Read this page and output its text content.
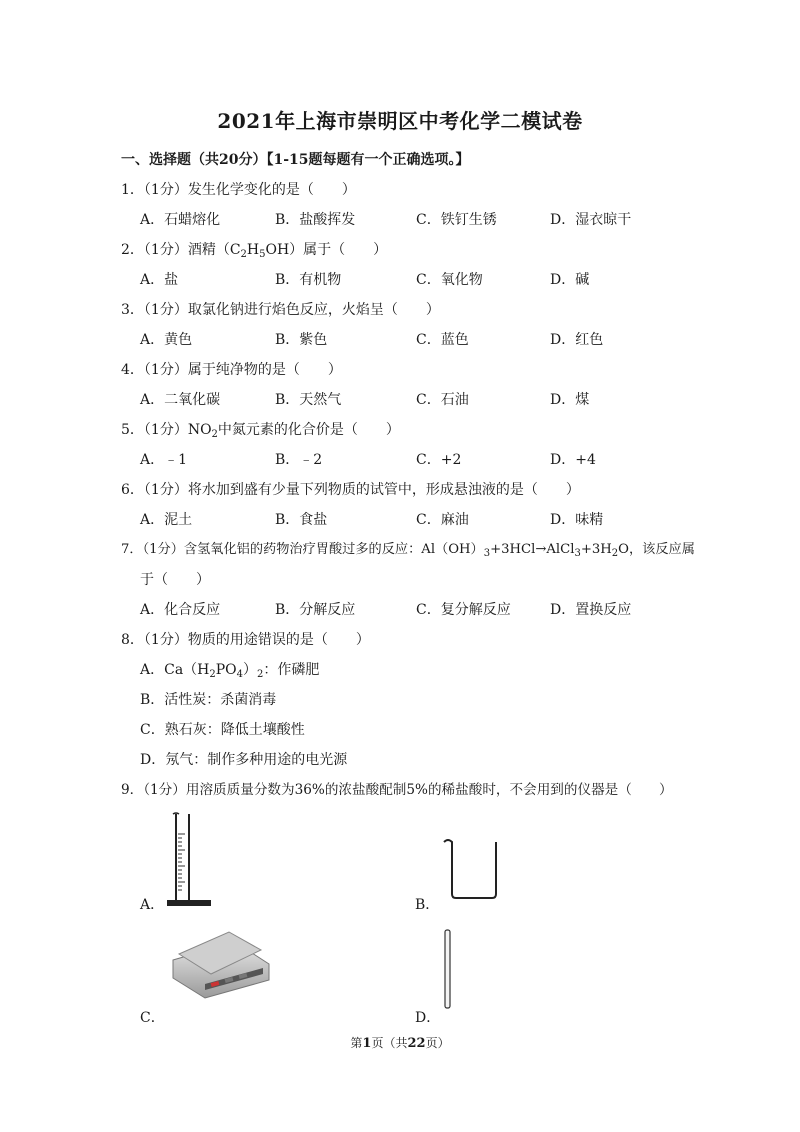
2021年上海市崇明区中考化学二模试卷
一、选择题（共20分）【1-15题每题有一个正确选项。】
1．（1分）发生化学变化的是（　　）
A．石蜡熔化	B．盐酸挥发	C．铁钉生锈	D．湿衣晾干
2．（1分）酒精$(C_2H_5OH)$属于（　　）
A．盐	B．有机物	C．氧化物	D．碱
3．（1分）取氯化钠进行焰色反应，火焰呈（　　）
A．黄色	B．紫色	C．蓝色	D．红色
4．（1分）属于纯净物的是（　　）
A．二氧化碳	B．天然气	C．石油	D．煤
5．（1分）$NO_2$中氮元素的化合价是（　　）
A．﹣1	B．﹣2	C．+2	D．+4
6．（1分）将水加到盛有少量下列物质的试管中，形成悬浊液的是（　　）
A．泥土	B．食盐	C．麻油	D．味精
7．（1分）含氢氧化铝的药物治疗胃酸过多的反应：$Al(OH)_3+3HCl\to AlCl_3+3H_2O$，该反应属
于（　　）
A．化合反应	B．分解反应	C．复分解反应	D．置换反应
8．（1分）物质的用途错误的是（　　）
A．$Ca(H_2PO_4)_2$：作磷肥
B．活性炭：杀菌消毒
C．熟石灰：降低土壤酸性
D．氖气：制作多种用途的电光源
9．（1分）用溶质质量分数为36%的浓盐酸配制5%的稀盐酸时，不会用到的仪器是（　　）
A．	B．
C．	D．
第1页（共22页）
